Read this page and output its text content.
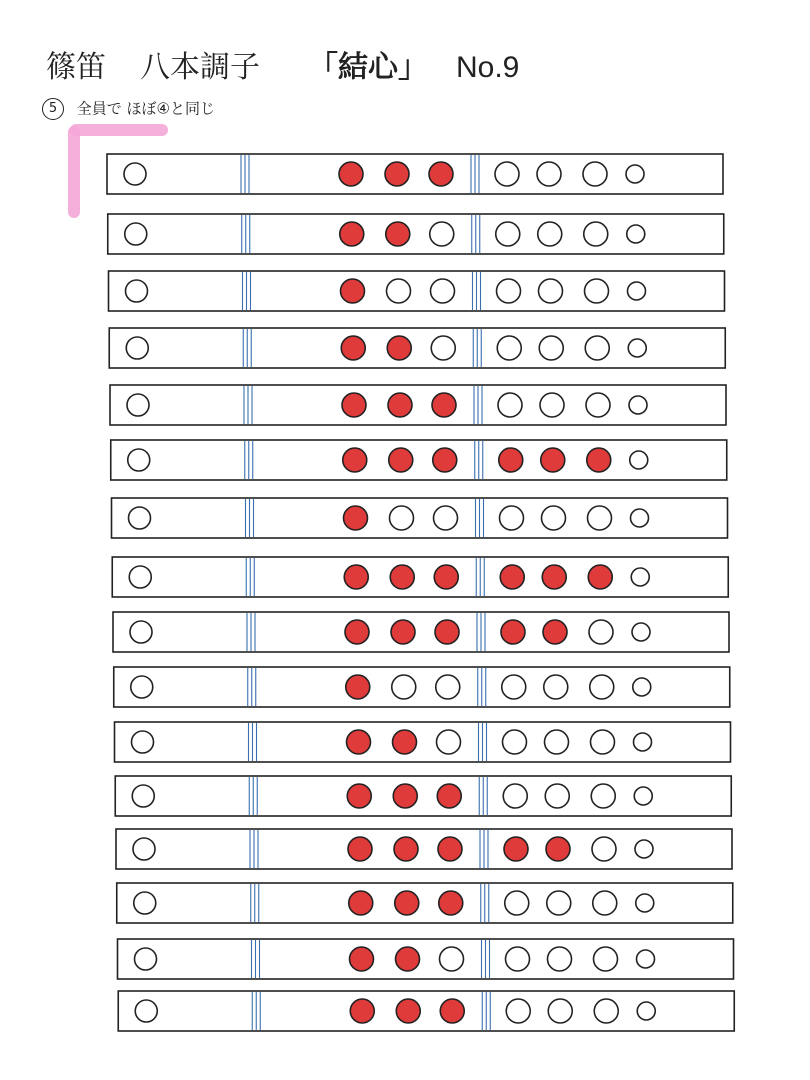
篠笛 八本調子 「結心」 No.9
5 全員で ほぼ④と同じ
